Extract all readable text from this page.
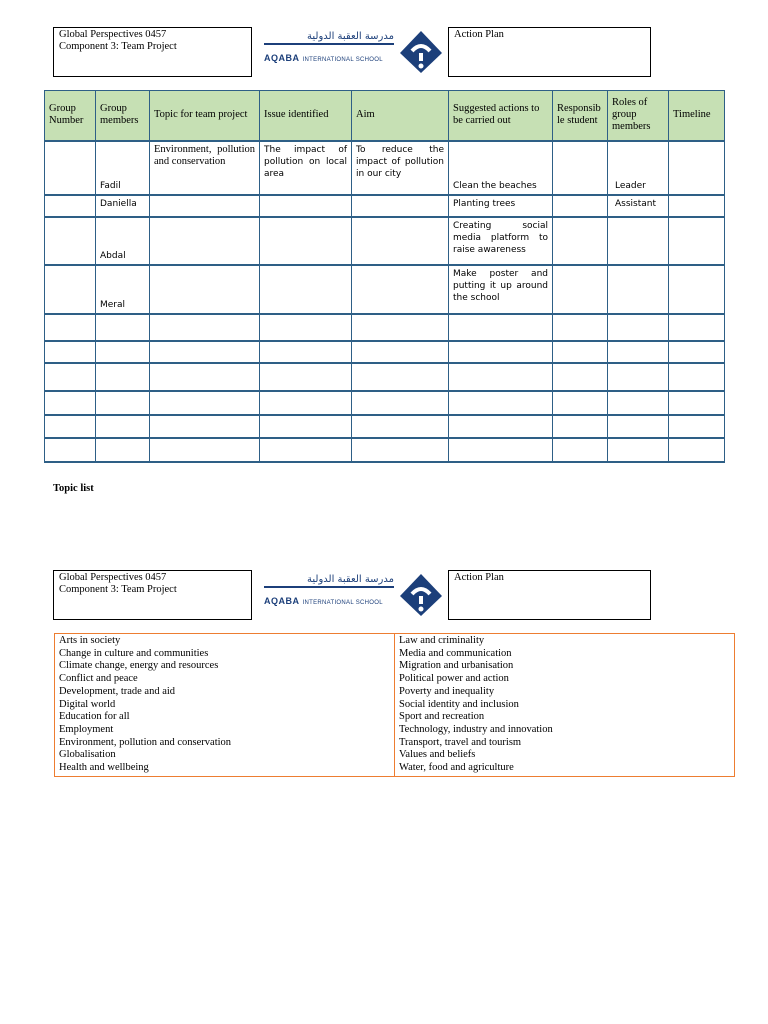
Global Perspectives 0457
Component 3: Team Project
مدرسة العقبة الدولية
AQABA INTERNATIONAL SCHOOL
Action Plan
Group Number	Group members	Topic for team project	Issue identified	Aim	Suggested actions to be carried out	Responsib le student	Roles of group members	Timeline
	Fadil	Environment, pollution and conservation	The impact of pollution on local area	To reduce the impact of pollution in our city	Clean the beaches		Leader	
	Daniella				Planting trees		Assistant	
	Abdal				Creating social media platform to raise awareness			
	Meral				Make poster and putting it up around the school			

Topic list
Global Perspectives 0457
Component 3: Team Project
مدرسة العقبة الدولية
AQABA INTERNATIONAL SCHOOL
Action Plan
Arts in society
Change in culture and communities
Climate change, energy and resources
Conflict and peace
Development, trade and aid
Digital world
Education for all
Employment
Environment, pollution and conservation
Globalisation
Health and wellbeing

Law and criminality
Media and communication
Migration and urbanisation
Political power and action
Poverty and inequality
Social identity and inclusion
Sport and recreation
Technology, industry and innovation
Transport, travel and tourism
Values and beliefs
Water, food and agriculture
